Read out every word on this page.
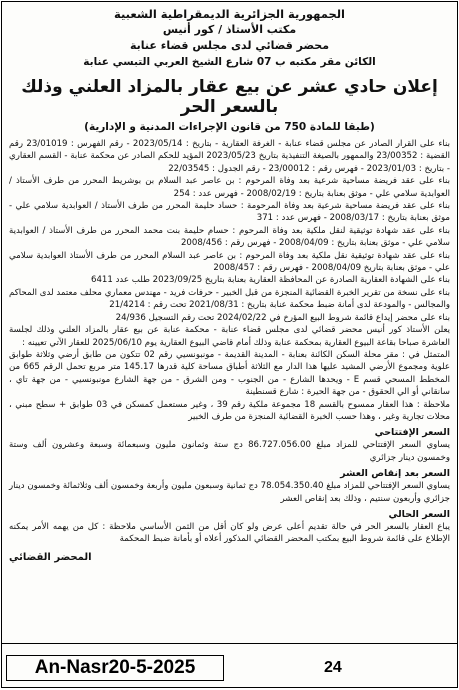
الجمهورية الجزائرية الديمقراطية الشعبية
مكتب الأستاذ / كور أنيس
محضر قضائي لدى مجلس قضاء عنابة
الكائن مقر مكتبه ب 07 شارع الشيخ العربي التبسي عنابة
إعلان حادي عشر عن بيع عقار بالمزاد العلني وذلك بالسعر الحر
(طبقا للمادة 750 من قانون الإجراءات المدنية و الإدارية)

بناء على القرار الصادر عن مجلس قضاء عنابة - الغرفة العقارية - بتاريخ : 2023/05/14 - رقم الفهرس : 23/01019 رقم القضية : 23/00352 والممهور بالصيغة التنفيذية بتاريخ 2023/05/23 المؤيد للحكم الصادر عن محكمة عنابة - القسم العقاري - بتاريخ : 2023/01/03 - فهرس رقم : 23/00012 - رقم الجدول : 22/03545

بناء على عقد فريضة مساحية شرعية بعد وفاة المرحوم : بن عاصر عبد السلام بن بوشريط المحرر من طرف الأستاذ / العوابدية سلامي علي - موثق بعنابة بتاريخ : 2008/02/19 - فهرس عدد : 254

بناء على عقد فريضة مساحية شرعية بعد وفاة المرحومة : حساد حليمة المحرر من طرف الأستاذ / العوابدية سلامي علي - موثق بعنابة بتاريخ : 2008/03/17 - فهرس عدد : 371

بناء على عقد شهادة توثيقية لنقل ملكية بعد وفاة المرحوم : حسام حليمة بنت محمد المحرر من طرف الأستاذ / العوابدية سلامي علي - موثق بعنابة بتاريخ : 2008/04/09 - فهرس رقم : 2008/456

بناء على عقد شهادة توثيقية نقل ملكية بعد وفاة المرحوم : بن عاصر عبد السلام المحرر من طرف الأستاذ العوابدية سلامي علي - موثق بعنابة بتاريخ 2008/04/09 - فهرس رقم : 2008/457

بناء على الشهادة العقارية الصادرة عن المحافظة العقارية بعنابة بتاريخ 2023/09/25 طلب عدد 6411

بناء على نسخة من تقرير الخبرة القضائية المنجزة من قبل الخبير - حرفات فريد - مهندس معماري محلف معتمد لدى المحاكم والمجالس - والمودعة لدى أمانة ضبط محكمة عنابة بتاريخ : 2021/08/31 تحت رقم : 21/4214

بناء على محضر إيداع قائمة شروط البيع المؤرخ في 2024/02/22 تحت رقم التسجيل 24/936

يعلن الأستاذ كور أنيس محضر قضائي لدى مجلس قضاء عنابة - محكمة عنابة عن بيع عقار بالمزاد العلني وذلك لجلسة العاشرة صباحا بقاعة البيوع العقارية بمحكمة عنابة وذلك أمام قاضي البيوع العقارية يوم 2025/06/10 للعقار الآتي تعيينه :

المتمثل في : مقر محلة السكن الكائنة بعنابة - المدينة القديمة - مونبونسيي رقم 02 تتكون من طابق أرضي وثلاثة طوابق علوية ومجموع الأرضي المشيد عليها هذا الدار مع الثلاثة أطباق مساحة كلية قدرها 145.17 متر مربع تحمل الرقم 665 من المخطط المسحي قسم E - ويحدها الشارع - من الجنوب - ومن الشرق - من جهة الشارع مونبونسيي - من جهة تاي ، سانقاني أو الي الحقوق - من جهة الحيرة : شارع قسنطينة

ملاحظة : هذا العقار ممسوح بالقسم 18 مجموعة ملكية رقم 39 ، وغير مستعمل كمسكن في 03 طوابق + سطح مبني ، محلات تجارية وغير ، وهذا حسب الخبرة القضائية المنجزة من طرف الخبير

السعر الإفتتاحي

يساوي السعر الإفتتاحي للمزاد مبلغ 86.727.056.00 دج ستة وثمانون مليون وسبعمائة وسبعة وعشرون ألف وستة وخمسون دينار جزائري

السعر بعد إنقاص العشر

يساوي السعر الإفتتاحي للمزاد مبلغ 78.054.350.40 دج ثمانية وسبعون مليون وأربعة وخمسون ألف وثلاثمائة وخمسون دينار جزائري وأربعون سنتيم ، وذلك بعد إنقاص العشر

السعر الحالي

يباع العقار بالسعر الحر في حالة تقديم أعلى عرض ولو كان أقل من الثمن الأساسي ملاحظة : كل من يهمه الأمر يمكنه الإطلاع على قائمة شروط البيع بمكتب المحضر القضائي المذكور أعلاه أو بأمانة ضبط المحكمة

المحضر القضائي
An-Nasr20-5-2025	24
